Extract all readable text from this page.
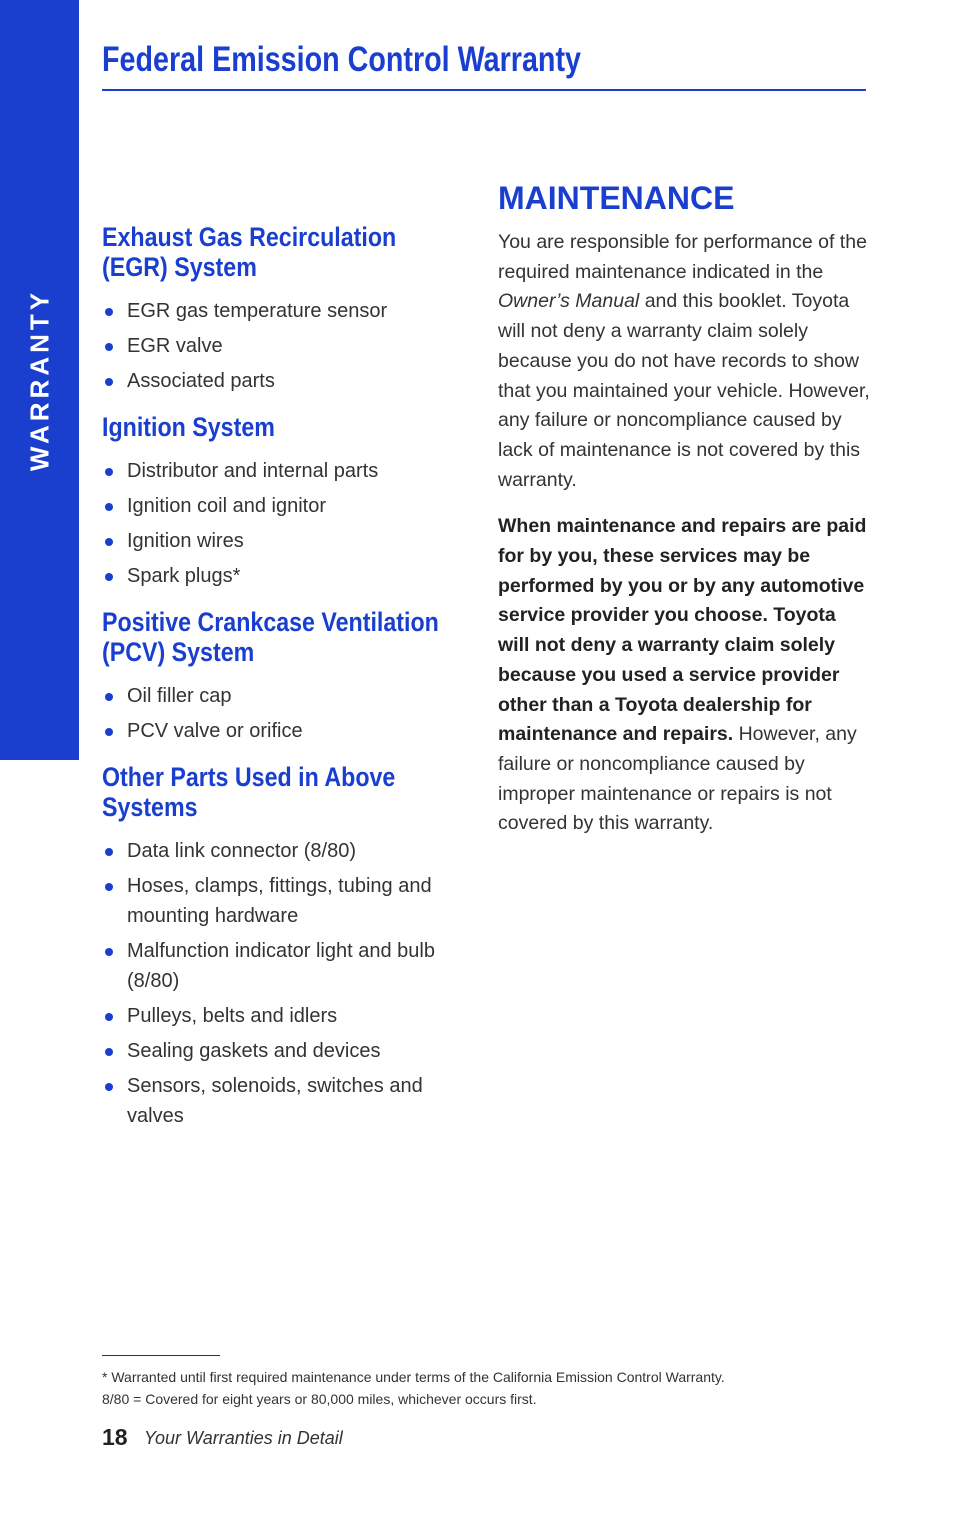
WARRANTY
Federal Emission Control Warranty
Exhaust Gas Recirculation (EGR) System
EGR gas temperature sensor
EGR valve
Associated parts
Ignition System
Distributor and internal parts
Ignition coil and ignitor
Ignition wires
Spark plugs*
Positive Crankcase Ventilation (PCV) System
Oil filler cap
PCV valve or orifice
Other Parts Used in Above Systems
Data link connector (8/80)
Hoses, clamps, fittings, tubing and mounting hardware
Malfunction indicator light and bulb (8/80)
Pulleys, belts and idlers
Sealing gaskets and devices
Sensors, solenoids, switches and valves
MAINTENANCE

You are responsible for performance of the required maintenance indicated in the Owner’s Manual and this booklet. Toyota will not deny a warranty claim solely because you do not have records to show that you maintained your vehicle. However, any failure or noncompliance caused by lack of maintenance is not covered by this warranty.

When maintenance and repairs are paid for by you, these services may be performed by you or by any automotive service provider you choose. Toyota will not deny a warranty claim solely because you used a service provider other than a Toyota dealership for maintenance and repairs. However, any failure or noncompliance caused by improper maintenance or repairs is not covered by this warranty.

* Warranted until first required maintenance under terms of the California Emission Control Warranty.
8/80 = Covered for eight years or 80,000 miles, whichever occurs first.
18 Your Warranties in Detail
